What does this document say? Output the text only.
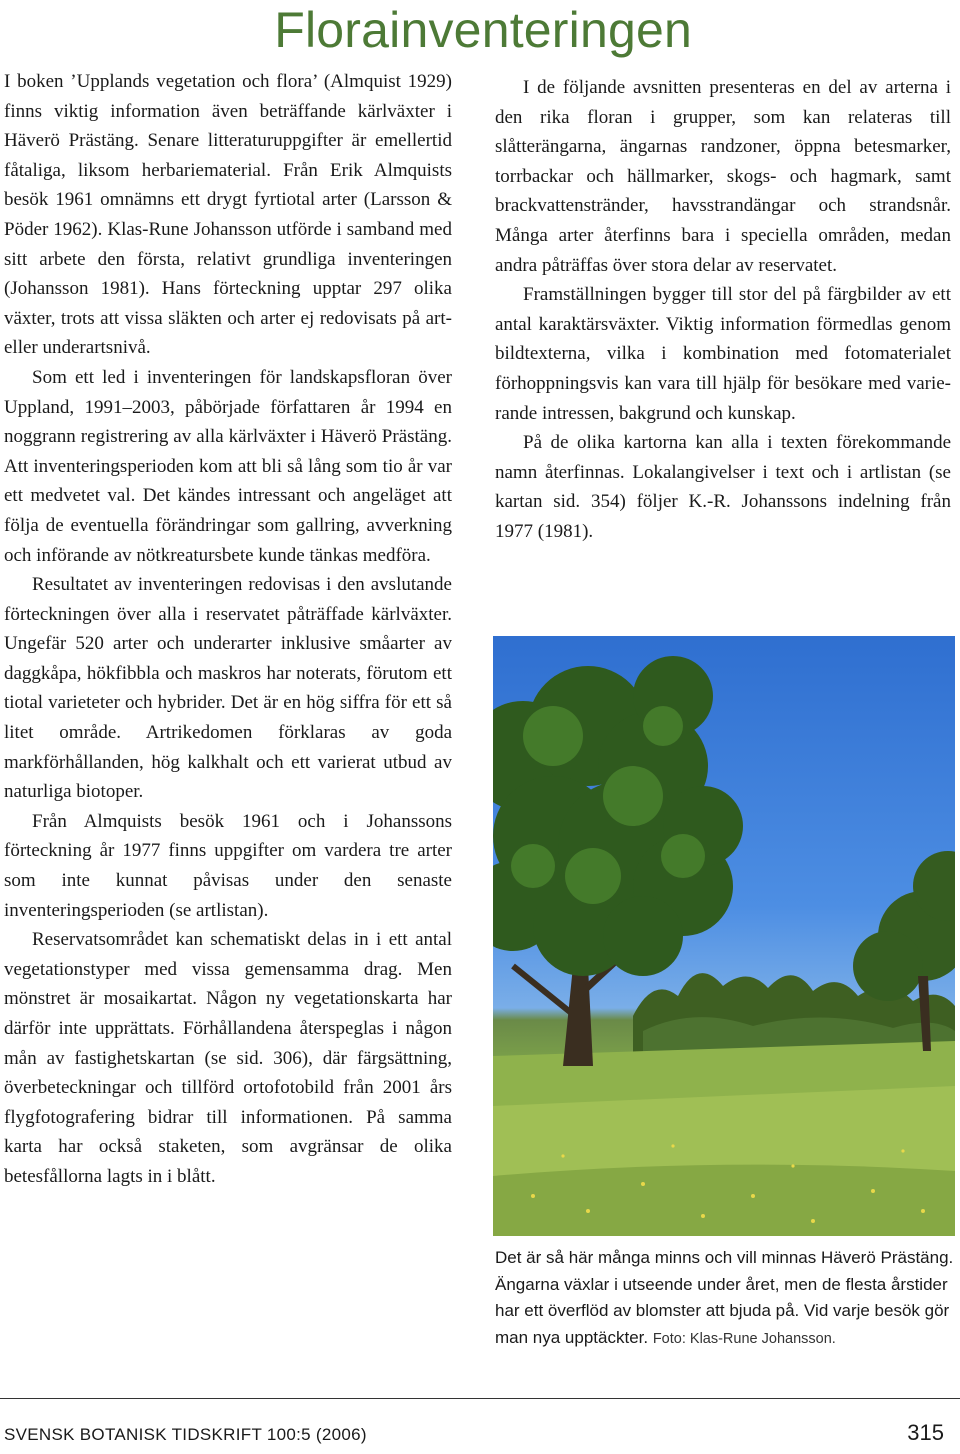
Florainventeringen

I boken ’Upplands vegetation och flora’ (Almquist 1929) finns viktig information även beträffande kärlväxter i Häverö Prästäng. Senare litteraturuppgifter är emellertid fåtaliga, liksom herbariematerial. Från Erik Almquists besök 1961 omnämns ett drygt fyrtiotal arter (Larsson & Pöder 1962). Klas-Rune Johansson utförde i samband med sitt arbete den första, relativt grundliga inventeringen (Johansson 1981). Hans förteckning upptar 297 olika växter, trots att vissa släkten och arter ej redovisats på art- eller underartsnivå.

Som ett led i inventeringen för landskapsfloran över Uppland, 1991–2003, påbörjade författaren år 1994 en noggrann registrering av alla kärlväxter i Häverö Prästäng. Att inventeringsperioden kom att bli så lång som tio år var ett medvetet val. Det kändes intressant och angeläget att följa de eventuella förändringar som gallring, avverkning och införande av nötkreatursbete kunde tänkas medföra.

Resultatet av inventeringen redovisas i den avslutande förteckningen över alla i reservatet påträffade kärlväxter. Ungefär 520 arter och underarter inklusive småarter av daggkåpa, hökfibbla och maskros har noterats, förutom ett tiotal varieteter och hybrider. Det är en hög siffra för ett så litet område. Artrikedomen förklaras av goda markförhållanden, hög kalkhalt och ett varierat utbud av naturliga biotoper.

Från Almquists besök 1961 och i Johanssons förteckning år 1977 finns uppgifter om vardera tre arter som inte kunnat påvisas under den senaste inventeringsperioden (se artlistan).

Reservatsområdet kan schematiskt delas in i ett antal vegetationstyper med vissa gemensamma drag. Men mönstret är mosaikartat. Någon ny vegetationskarta har därför inte upprättats. Förhållandena återspeglas i någon mån av fastighetskartan (se sid. 306), där färgsättning, överbeteckningar och tillförd ortofotobild från 2001 års flygfotografering bidrar till informationen. På samma karta har också staketen, som avgränsar de olika betesfållorna lagts in i blått.

I de följande avsnitten presenteras en del av arterna i den rika floran i grupper, som kan relateras till slåtterängarna, ängarnas randzoner, öppna betesmarker, torrbackar och hällmarker, skogs- och hagmark, samt brackvattenstränder, havsstrandängar och strandsnår. Många arter återfinns bara i speciella områden, medan andra påträffas över stora delar av reservatet.

Framställningen bygger till stor del på färgbilder av ett antal karaktärsväxter. Viktig information förmedlas genom bildtexterna, vilka i kombination med fotomaterialet förhoppningsvis kan vara till hjälp för besökare med varierande intressen, bakgrund och kunskap.

På de olika kartorna kan alla i texten förekommande namn återfinnas. Lokalangivelser i text och i artlistan (se kartan sid. 354) följer K.-R. Johanssons indelning från 1977 (1981).

Det är så här många minns och vill minnas Häverö Prästäng. Ängarna växlar i utseende under året, men de flesta årstider har ett överflöd av blomster att bjuda på. Vid varje besök gör man nya upptäckter. Foto: Klas-Rune Johansson.
SVENSK BOTANISK TIDSKRIFT 100:5 (2006)	315
